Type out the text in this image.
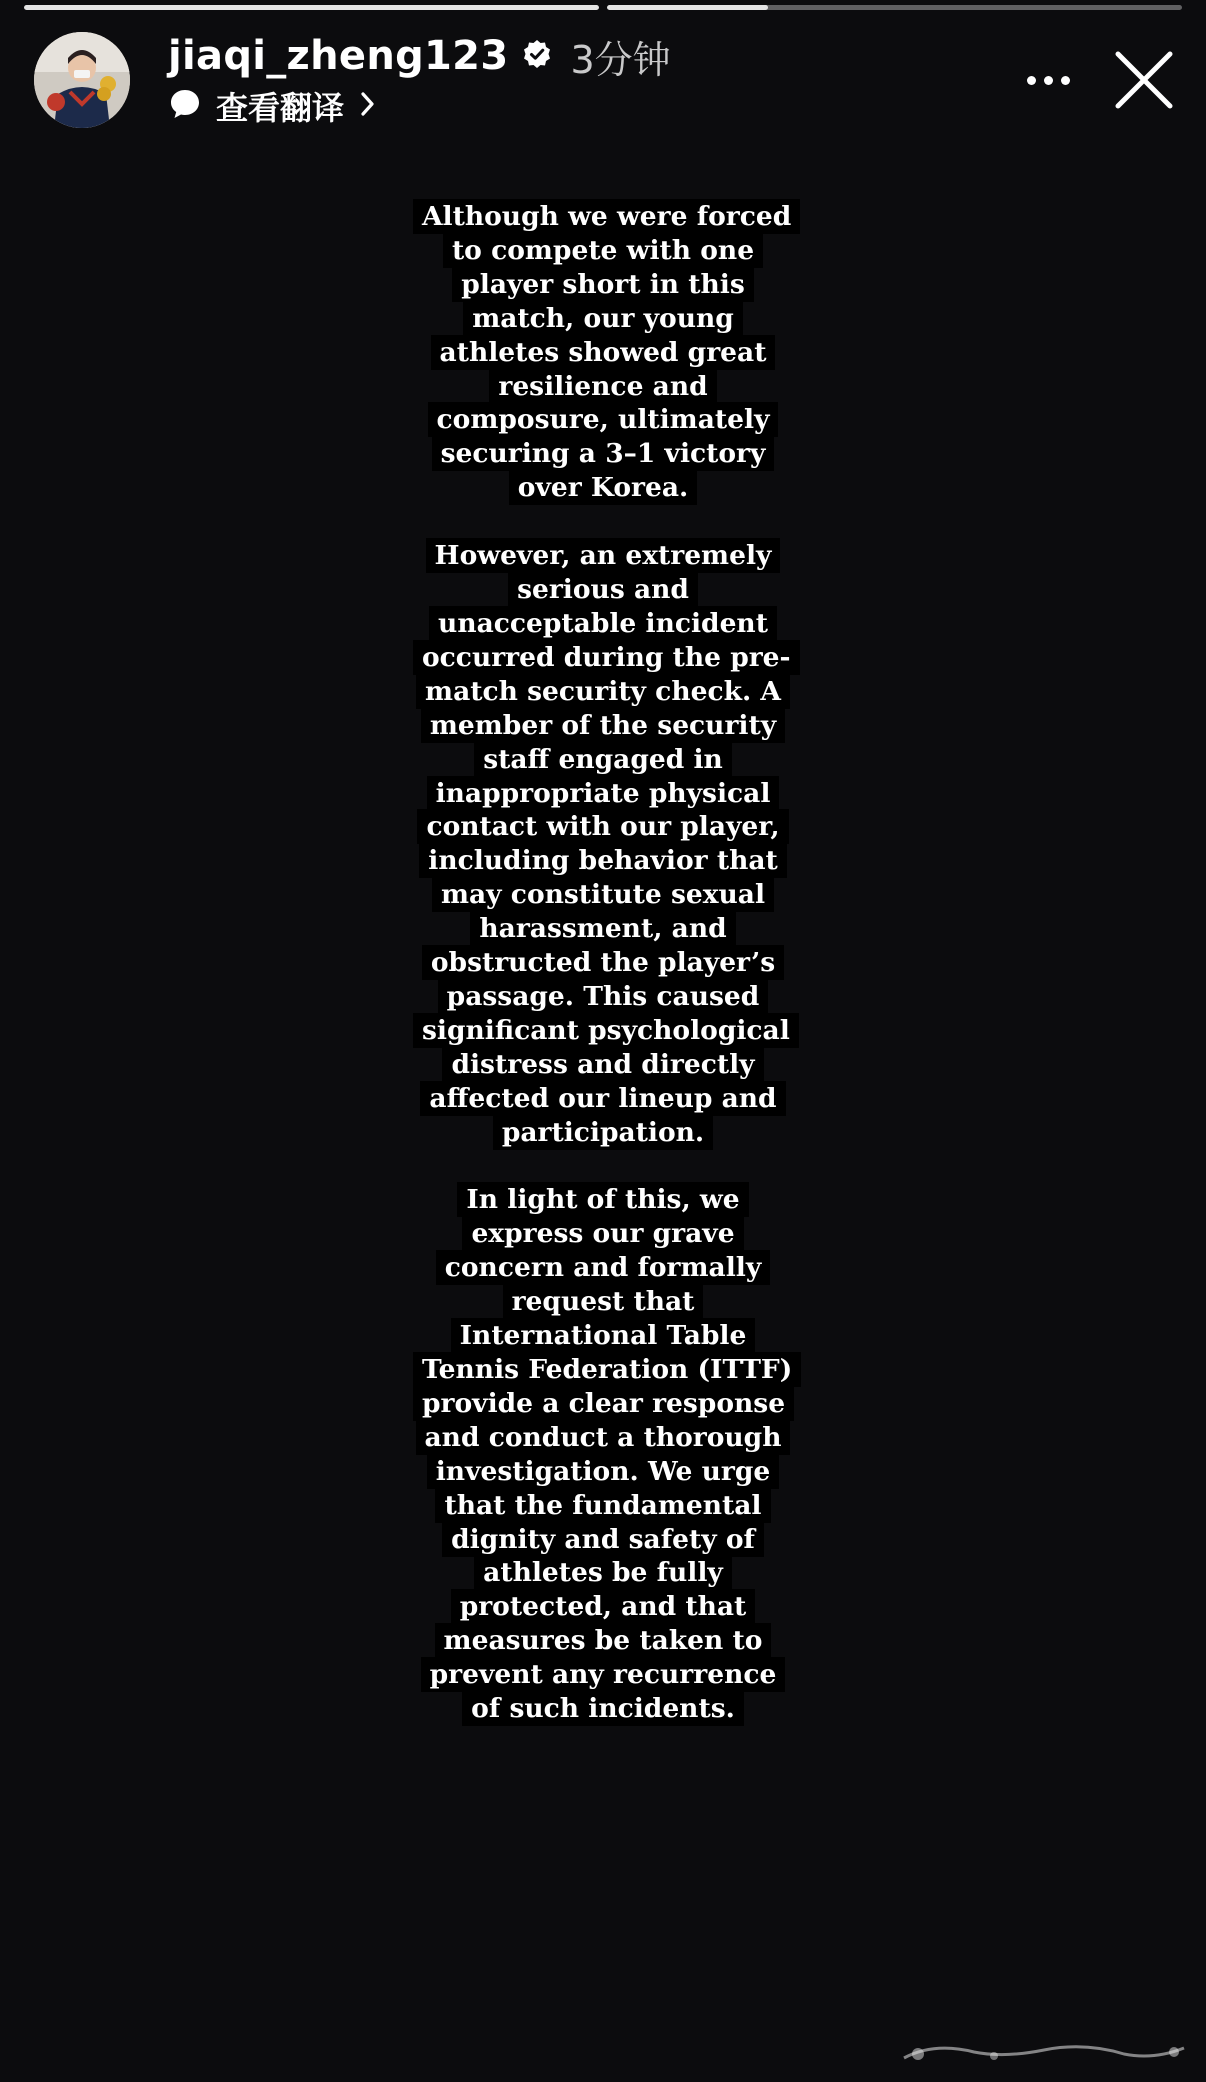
jiaqi_zheng123 3分钟
查看翻译
Although we were forced to compete with one player short in this match, our young athletes showed great resilience and composure, ultimately securing a 3–1 victory over Korea.
However, an extremely serious and unacceptable incident occurred during the pre-match security check. A member of the security staff engaged in inappropriate physical contact with our player, including behavior that may constitute sexual harassment, and obstructed the player’s passage. This caused significant psychological distress and directly affected our lineup and participation.
In light of this, we express our grave concern and formally request that International Table Tennis Federation (ITTF) provide a clear response and conduct a thorough investigation. We urge that the fundamental dignity and safety of athletes be fully protected, and that measures be taken to prevent any recurrence of such incidents.
